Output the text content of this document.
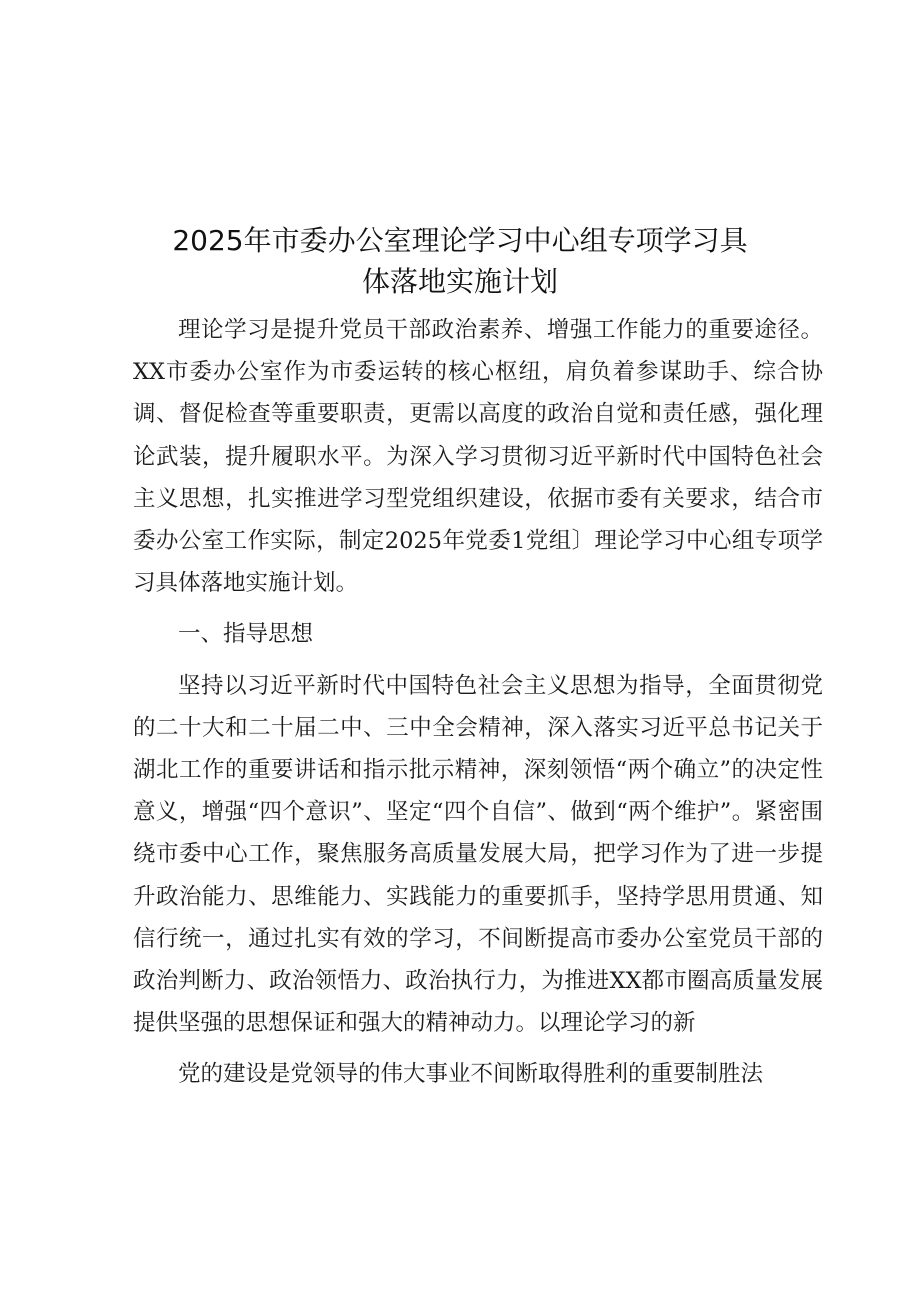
2025年市委办公室理论学习中心组专项学习具
体落地实施计划

理论学习是提升党员干部政治素养、增强工作能力的重要途径。XX市委办公室作为市委运转的核心枢纽，肩负着参谋助手、综合协调、督促检查等重要职责，更需以高度的政治自觉和责任感，强化理论武装，提升履职水平。为深入学习贯彻习近平新时代中国特色社会主义思想，扎实推进学习型党组织建设，依据市委有关要求，结合市委办公室工作实际，制定2025年党委1党组〕理论学习中心组专项学习具体落地实施计划。

一、指导思想

坚持以习近平新时代中国特色社会主义思想为指导，全面贯彻党的二十大和二十届二中、三中全会精神，深入落实习近平总书记关于湖北工作的重要讲话和指示批示精神，深刻领悟“两个确立”的决定性意义，增强“四个意识”、坚定“四个自信”、做到“两个维护”。紧密围绕市委中心工作，聚焦服务高质量发展大局，把学习作为了进一步提升政治能力、思维能力、实践能力的重要抓手，坚持学思用贯通、知信行统一，通过扎实有效的学习，不间断提高市委办公室党员干部的政治判断力、政治领悟力、政治执行力，为推进XX都市圈高质量发展提供坚强的思想保证和强大的精神动力。以理论学习的新

党的建设是党领导的伟大事业不间断取得胜利的重要制胜法
